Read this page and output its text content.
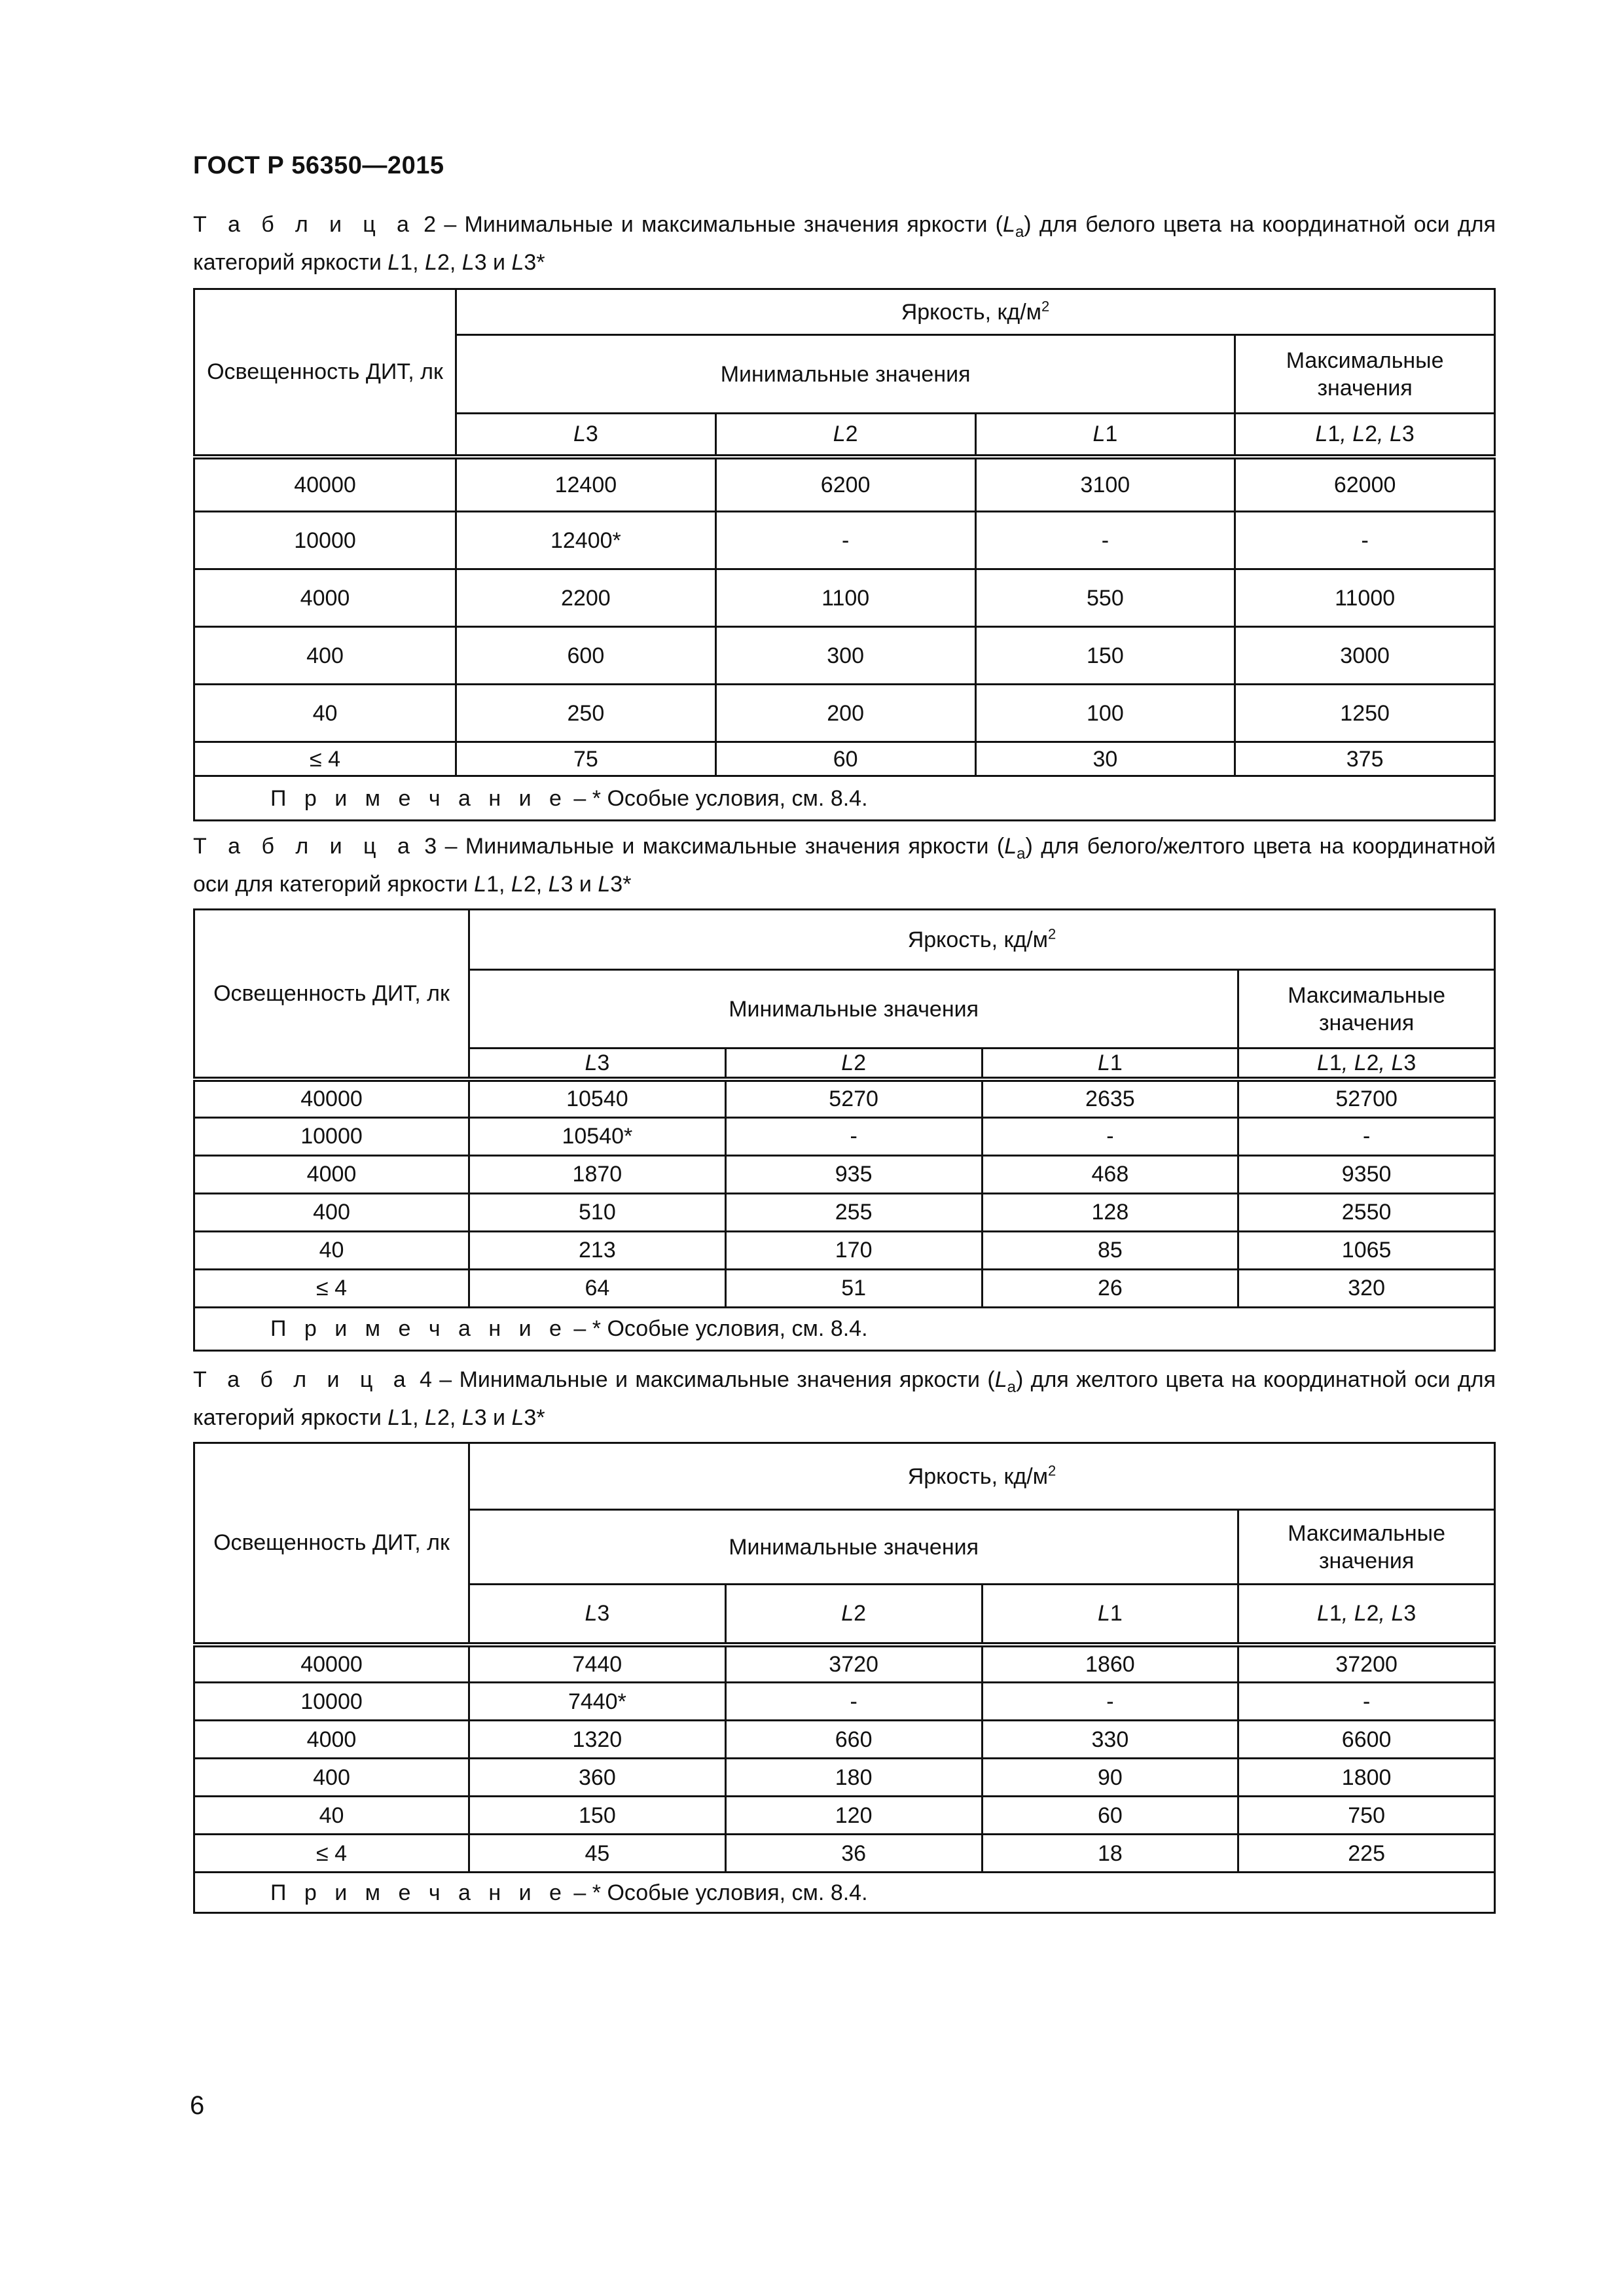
ГОСТ Р 56350—2015
Т а б л и ц а 2 – Минимальные и максимальные значения яркости $(L_a)$ для белого цвета на координатной оси для категорий яркости L1, L2, L3 и L3*
Освещенность ДИТ, лк	Яркость, $кд/м^2$
	Минимальные значения			Максимальные значения
	L3	L2	L1	L1, L2, L3
40000	12400	6200	3100	62000
10000	12400*	-	-	-
4000	2200	1100	550	11000
400	600	300	150	3000
40	250	200	100	1250
≤ 4	75	60	30	375
П р и м е ч а н и е – * Особые условия, см. 8.4.				
Т а б л и ц а 3 – Минимальные и максимальные значения яркости $(L_a)$ для белого/желтого цвета на координатной оси для категорий яркости L1, L2, L3 и L3*
Освещенность ДИТ, лк	Яркость, $кд/м^2$
	Минимальные значения			Максимальные значения
	L3	L2	L1	L1, L2, L3
40000	10540	5270	2635	52700
10000	10540*	-	-	-
4000	1870	935	468	9350
400	510	255	128	2550
40	213	170	85	1065
≤ 4	64	51	26	320
П р и м е ч а н и е – * Особые условия, см. 8.4.				
Т а б л и ц а 4 – Минимальные и максимальные значения яркости $(L_a)$ для желтого цвета на координатной оси для категорий яркости L1, L2, L3 и L3*
Освещенность ДИТ, лк	Яркость, $кд/м^2$
	Минимальные значения			Максимальные значения
	L3	L2	L1	L1, L2, L3
40000	7440	3720	1860	37200
10000	7440*	-	-	-
4000	1320	660	330	6600
400	360	180	90	1800
40	150	120	60	750
≤ 4	45	36	18	225
П р и м е ч а н и е – * Особые условия, см. 8.4.				
6
